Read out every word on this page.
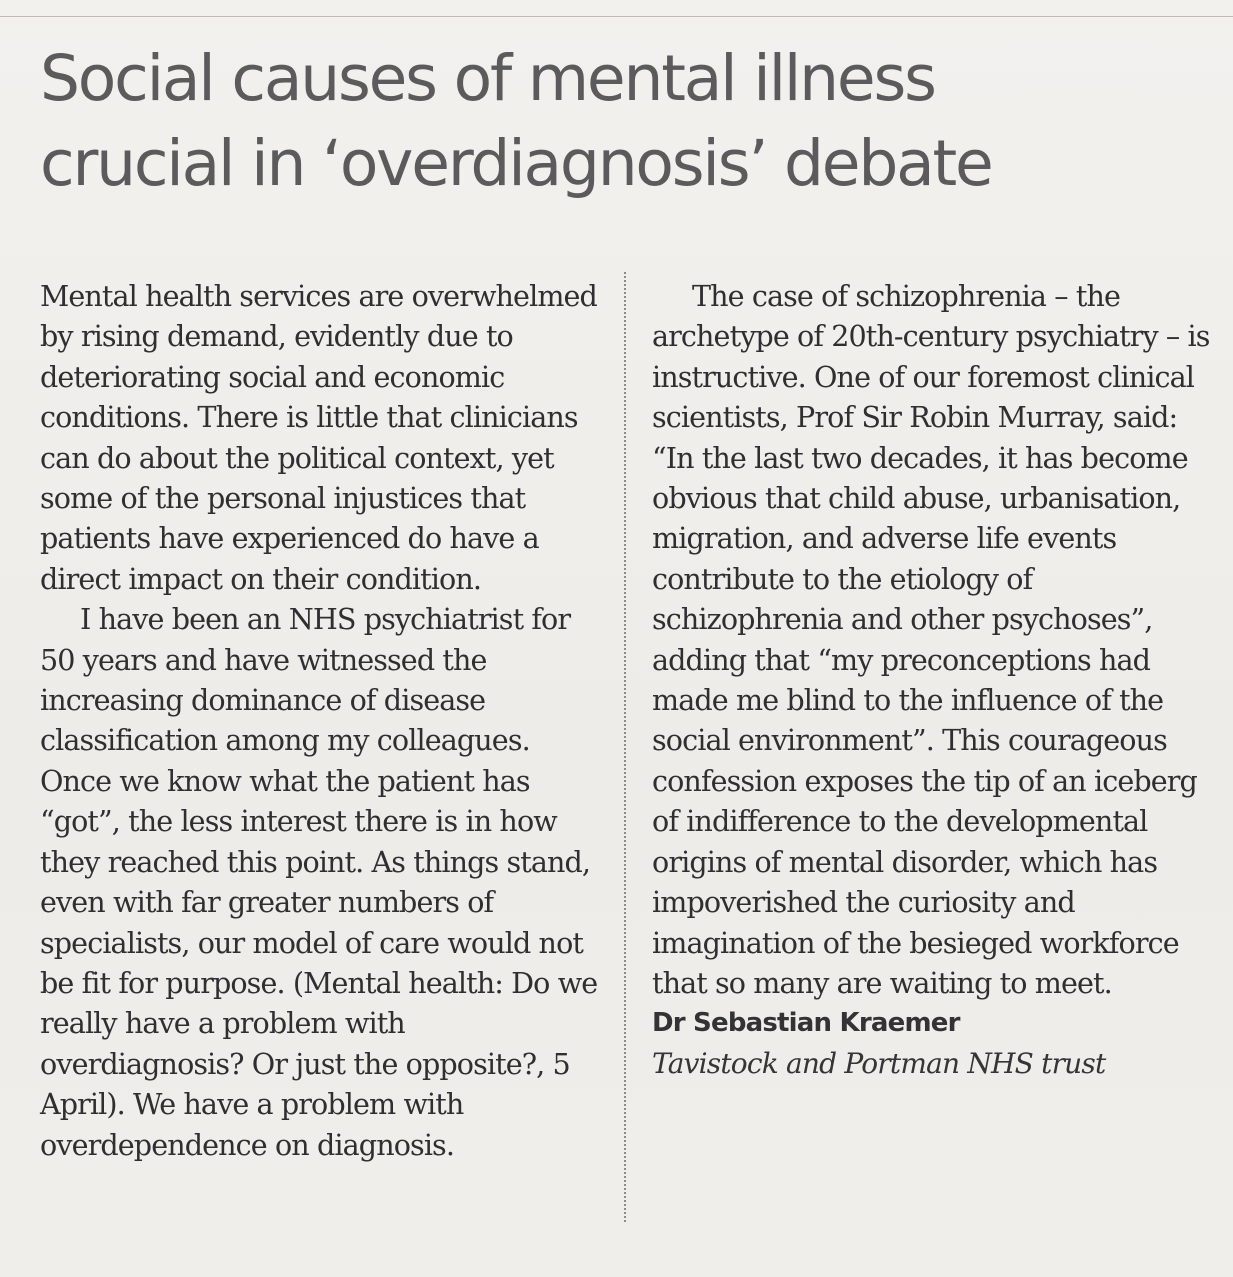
Social causes of mental illness
crucial in ‘overdiagnosis’ debate

Mental health services are overwhelmed by rising demand, evidently due to deteriorating social and economic conditions. There is little that clinicians can do about the political context, yet some of the personal injustices that patients have experienced do have a direct impact on their condition.

I have been an NHS psychiatrist for 50 years and have witnessed the increasing dominance of disease classification among my colleagues. Once we know what the patient has “got”, the less interest there is in how they reached this point. As things stand, even with far greater numbers of specialists, our model of care would not be fit for purpose. (Mental health: Do we really have a problem with overdiagnosis? Or just the opposite?, 5 April). We have a problem with overdependence on diagnosis.

The case of schizophrenia – the archetype of 20th-century psychiatry – is instructive. One of our foremost clinical scientists, Prof Sir Robin Murray, said: “In the last two decades, it has become obvious that child abuse, urbanisation, migration, and adverse life events contribute to the etiology of schizophrenia and other psychoses”, adding that “my preconceptions had made me blind to the influence of the social environment”. This courageous confession exposes the tip of an iceberg of indifference to the developmental origins of mental disorder, which has impoverished the curiosity and imagination of the besieged workforce that so many are waiting to meet.

Dr Sebastian Kraemer

Tavistock and Portman NHS trust
